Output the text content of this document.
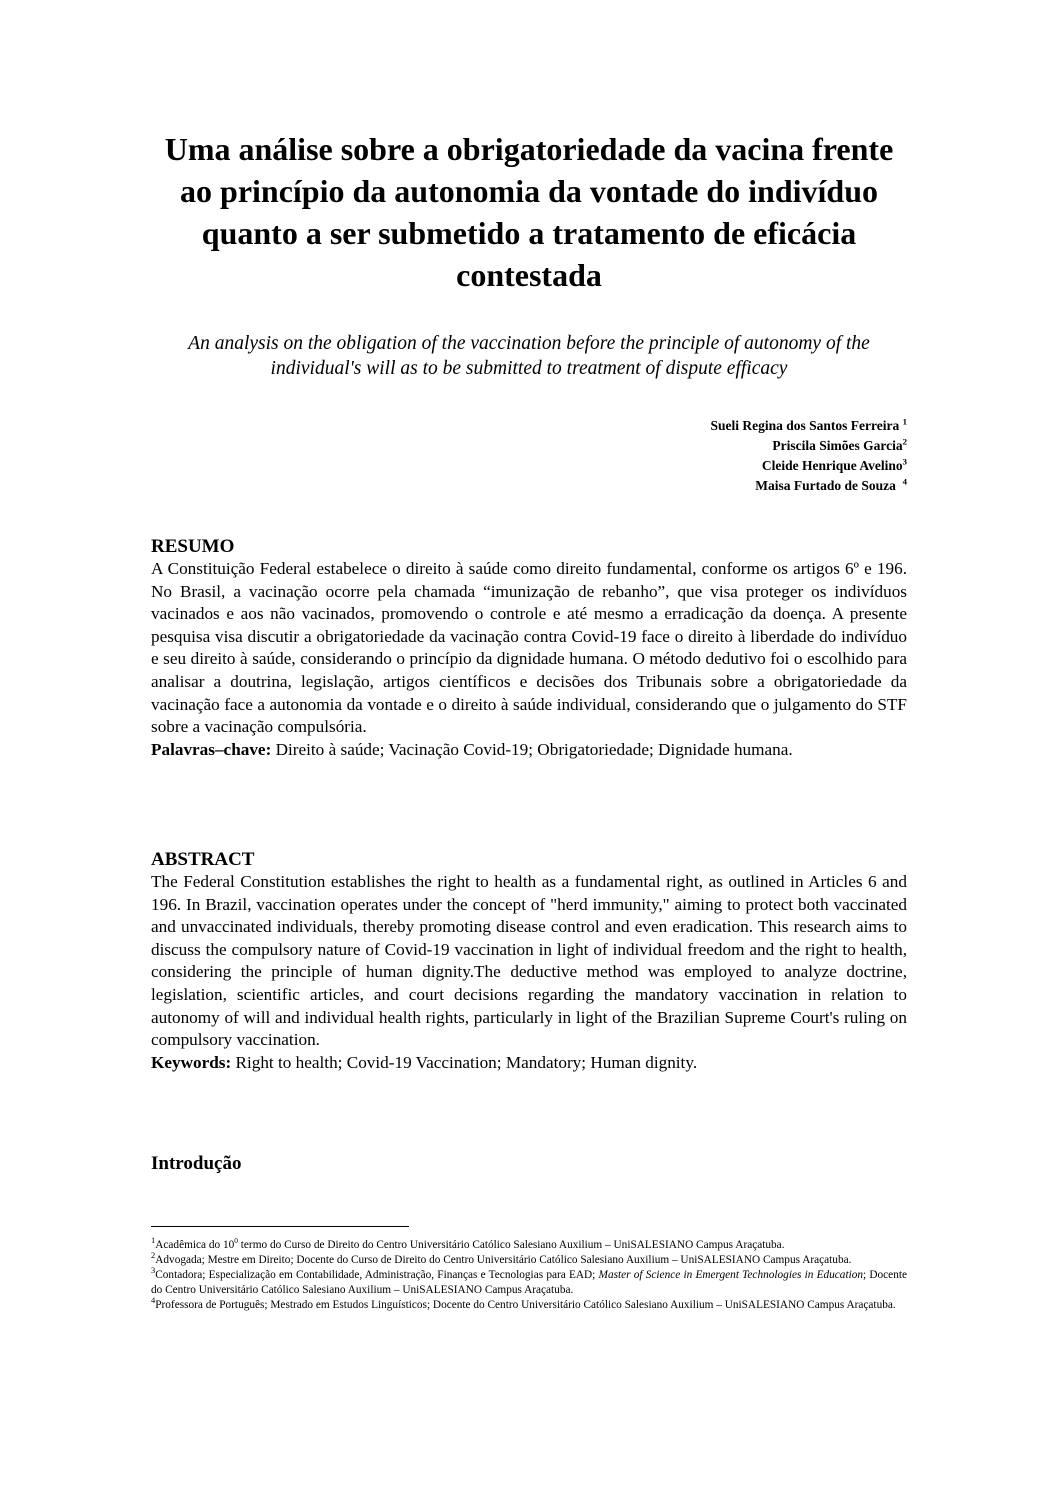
Uma análise sobre a obrigatoriedade da vacina frente ao princípio da autonomia da vontade do indivíduo quanto a ser submetido a tratamento de eficácia contestada

An analysis on the obligation of the vaccination before the principle of autonomy of the individual's will as to be submitted to treatment of dispute efficacy

Sueli Regina dos Santos Ferreira $^1$
Priscila Simões Garcia$^2$
Cleide Henrique Avelino$^3$
Maisa Furtado de Souza $^4$
RESUMO

A Constituição Federal estabelece o direito à saúde como direito fundamental, conforme os artigos 6º e 196. No Brasil, a vacinação ocorre pela chamada “imunização de rebanho”, que visa proteger os indivíduos vacinados e aos não vacinados, promovendo o controle e até mesmo a erradicação da doença. A presente pesquisa visa discutir a obrigatoriedade da vacinação contra Covid-19 face o direito à liberdade do indivíduo e seu direito à saúde, considerando o princípio da dignidade humana. O método dedutivo foi o escolhido para analisar a doutrina, legislação, artigos científicos e decisões dos Tribunais sobre a obrigatoriedade da vacinação face a autonomia da vontade e o direito à saúde individual, considerando que o julgamento do STF sobre a vacinação compulsória.

Palavras–chave: Direito à saúde; Vacinação Covid-19; Obrigatoriedade; Dignidade humana.

ABSTRACT

The Federal Constitution establishes the right to health as a fundamental right, as outlined in Articles 6 and 196. In Brazil, vaccination operates under the concept of "herd immunity," aiming to protect both vaccinated and unvaccinated individuals, thereby promoting disease control and even eradication. This research aims to discuss the compulsory nature of Covid-19 vaccination in light of individual freedom and the right to health, considering the principle of human dignity.The deductive method was employed to analyze doctrine, legislation, scientific articles, and court decisions regarding the mandatory vaccination in relation to autonomy of will and individual health rights, particularly in light of the Brazilian Supreme Court's ruling on compulsory vaccination.

Keywords: Right to health; Covid-19 Vaccination; Mandatory; Human dignity.

Introdução

$^1$Acadêmica do $10^0$ termo do Curso de Direito do Centro Universitário Católico Salesiano Auxilium – UniSALESIANO Campus Araçatuba.

$^2$Advogada; Mestre em Direito; Docente do Curso de Direito do Centro Universitário Católico Salesiano Auxilium – UniSALESIANO Campus Araçatuba.

$^3$Contadora; Especialização em Contabilidade, Administração, Finanças e Tecnologias para EAD; Master of Science in Emergent Technologies in Education; Docente do Centro Universitário Católico Salesiano Auxilium – UniSALESIANO Campus Araçatuba.

$^4$Professora de Português; Mestrado em Estudos Linguísticos; Docente do Centro Universitário Católico Salesiano Auxilium – UniSALESIANO Campus Araçatuba.
